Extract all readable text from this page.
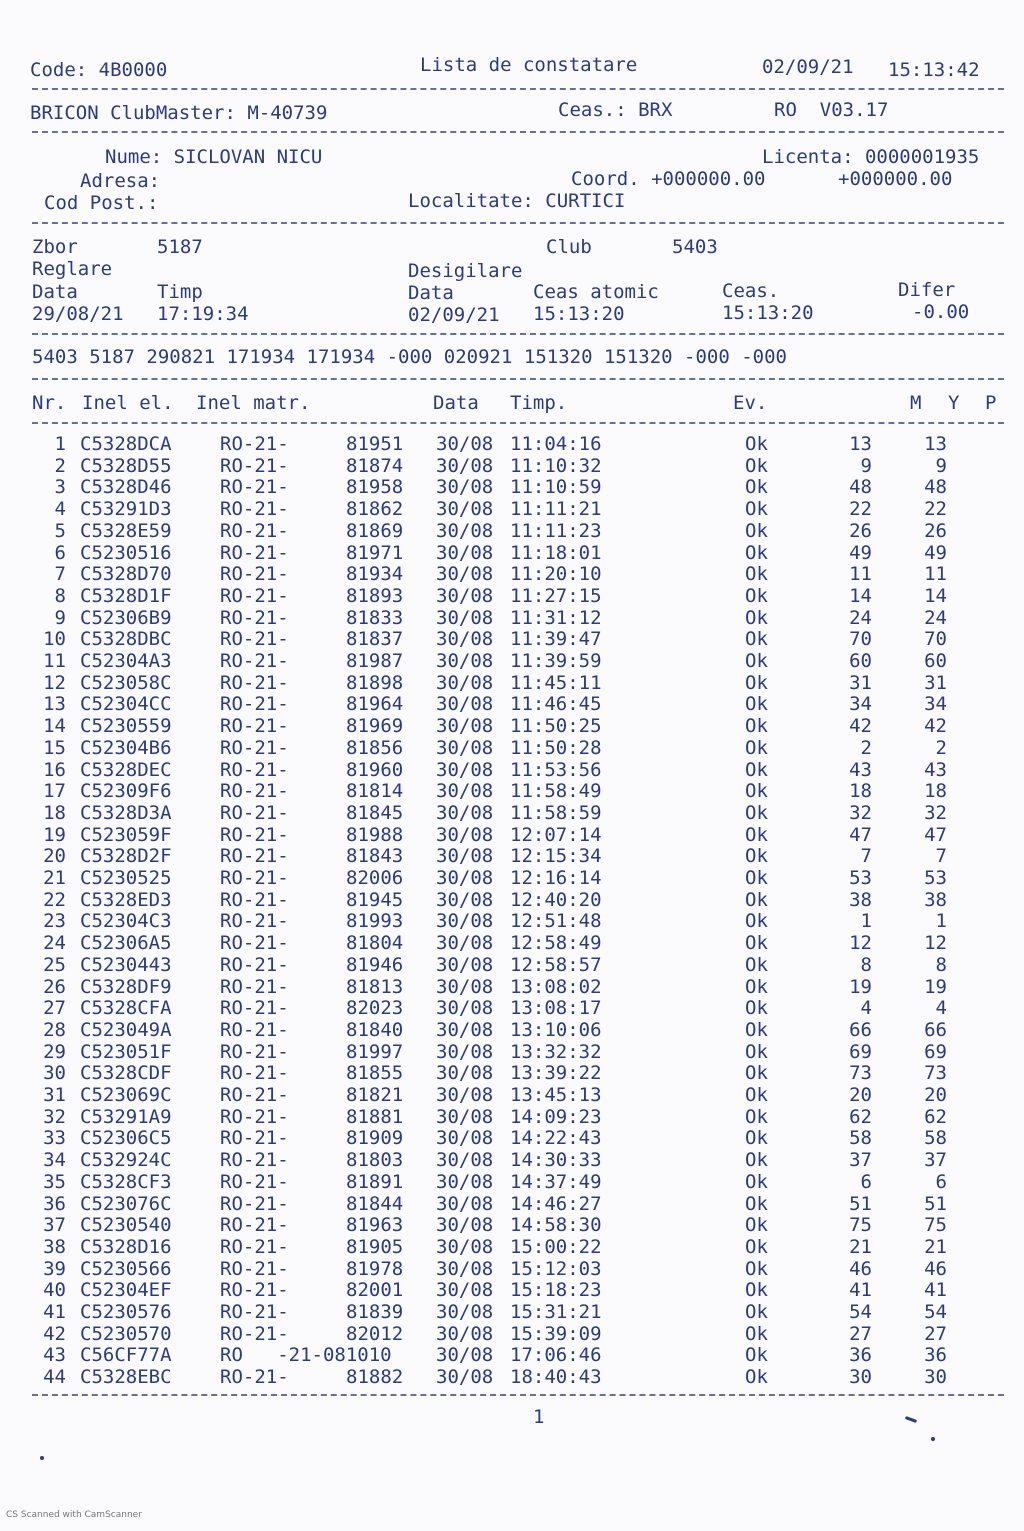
Code: 4B0000	Lista de constatare	02/09/21 15:13:42
BRICON ClubMaster: M-40739	Ceas.: BRX	RO  V03.17
Nume: SICLOVAN NICU	Licenta: 0000001935
Adresa:	Coord. +000000.00	+000000.00
Cod Post.:	Localitate: CURTICI
Zbor	5187	Club	5403
Reglare	Desigilare
Data	Timp	Data	Ceas atomic	Ceas.	Difer
29/08/21 17:19:34	02/09/21 15:13:20	15:13:20	-0.00
5403 5187 290821 171934 171934 -000 020921 151320 151320 -000 -000
Nr. Inel el. Inel matr.	Data Timp.	Ev.	M Y P
1 C5328DCA	RO-21-	81951 30/08 11:04:16	Ok	13	13
2 C5328D55	RO-21-	81874 30/08 11:10:32	Ok	9	9
3 C5328D46	RO-21-	81958 30/08 11:10:59	Ok	48	48
4 C53291D3	RO-21-	81862 30/08 11:11:21	Ok	22	22
5 C5328E59	RO-21-	81869 30/08 11:11:23	Ok	26	26
6 C5230516	RO-21-	81971 30/08 11:18:01	Ok	49	49
7 C5328D70	RO-21-	81934 30/08 11:20:10	Ok	11	11
8 C5328D1F	RO-21-	81893 30/08 11:27:15	Ok	14	14
9 C52306B9	RO-21-	81833 30/08 11:31:12	Ok	24	24
10 C5328DBC	RO-21-	81837 30/08 11:39:47	Ok	70	70
11 C52304A3	RO-21-	81987 30/08 11:39:59	Ok	60	60
12 C523058C	RO-21-	81898 30/08 11:45:11	Ok	31	31
13 C52304CC	RO-21-	81964 30/08 11:46:45	Ok	34	34
14 C5230559	RO-21-	81969 30/08 11:50:25	Ok	42	42
15 C52304B6	RO-21-	81856 30/08 11:50:28	Ok	2	2
16 C5328DEC	RO-21-	81960 30/08 11:53:56	Ok	43	43
17 C52309F6	RO-21-	81814 30/08 11:58:49	Ok	18	18
18 C5328D3A	RO-21-	81845 30/08 11:58:59	Ok	32	32
19 C523059F	RO-21-	81988 30/08 12:07:14	Ok	47	47
20 C5328D2F	RO-21-	81843 30/08 12:15:34	Ok	7	7
21 C5230525	RO-21-	82006 30/08 12:16:14	Ok	53	53
22 C5328ED3	RO-21-	81945 30/08 12:40:20	Ok	38	38
23 C52304C3	RO-21-	81993 30/08 12:51:48	Ok	1	1
24 C52306A5	RO-21-	81804 30/08 12:58:49	Ok	12	12
25 C5230443	RO-21-	81946 30/08 12:58:57	Ok	8	8
26 C5328DF9	RO-21-	81813 30/08 13:08:02	Ok	19	19
27 C5328CFA	RO-21-	82023 30/08 13:08:17	Ok	4	4
28 C523049A	RO-21-	81840 30/08 13:10:06	Ok	66	66
29 C523051F	RO-21-	81997 30/08 13:32:32	Ok	69	69
30 C5328CDF	RO-21-	81855 30/08 13:39:22	Ok	73	73
31 C523069C	RO-21-	81821 30/08 13:45:13	Ok	20	20
32 C53291A9	RO-21-	81881 30/08 14:09:23	Ok	62	62
33 C52306C5	RO-21-	81909 30/08 14:22:43	Ok	58	58
34 C532924C	RO-21-	81803 30/08 14:30:33	Ok	37	37
35 C5328CF3	RO-21-	81891 30/08 14:37:49	Ok	6	6
36 C523076C	RO-21-	81844 30/08 14:46:27	Ok	51	51
37 C5230540	RO-21-	81963 30/08 14:58:30	Ok	75	75
38 C5328D16	RO-21-	81905 30/08 15:00:22	Ok	21	21
39 C5230566	RO-21-	81978 30/08 15:12:03	Ok	46	46
40 C52304EF	RO-21-	82001 30/08 15:18:23	Ok	41	41
41 C5230576	RO-21-	81839 30/08 15:31:21	Ok	54	54
42 C5230570	RO-21-	82012 30/08 15:39:09	Ok	27	27
43 C56CF77A	RO   -21-081010 30/08 17:06:46	Ok	36	36
44 C5328EBC	RO-21-	81882 30/08 18:40:43	Ok	30	30
1
CS Scanned with CamScanner
